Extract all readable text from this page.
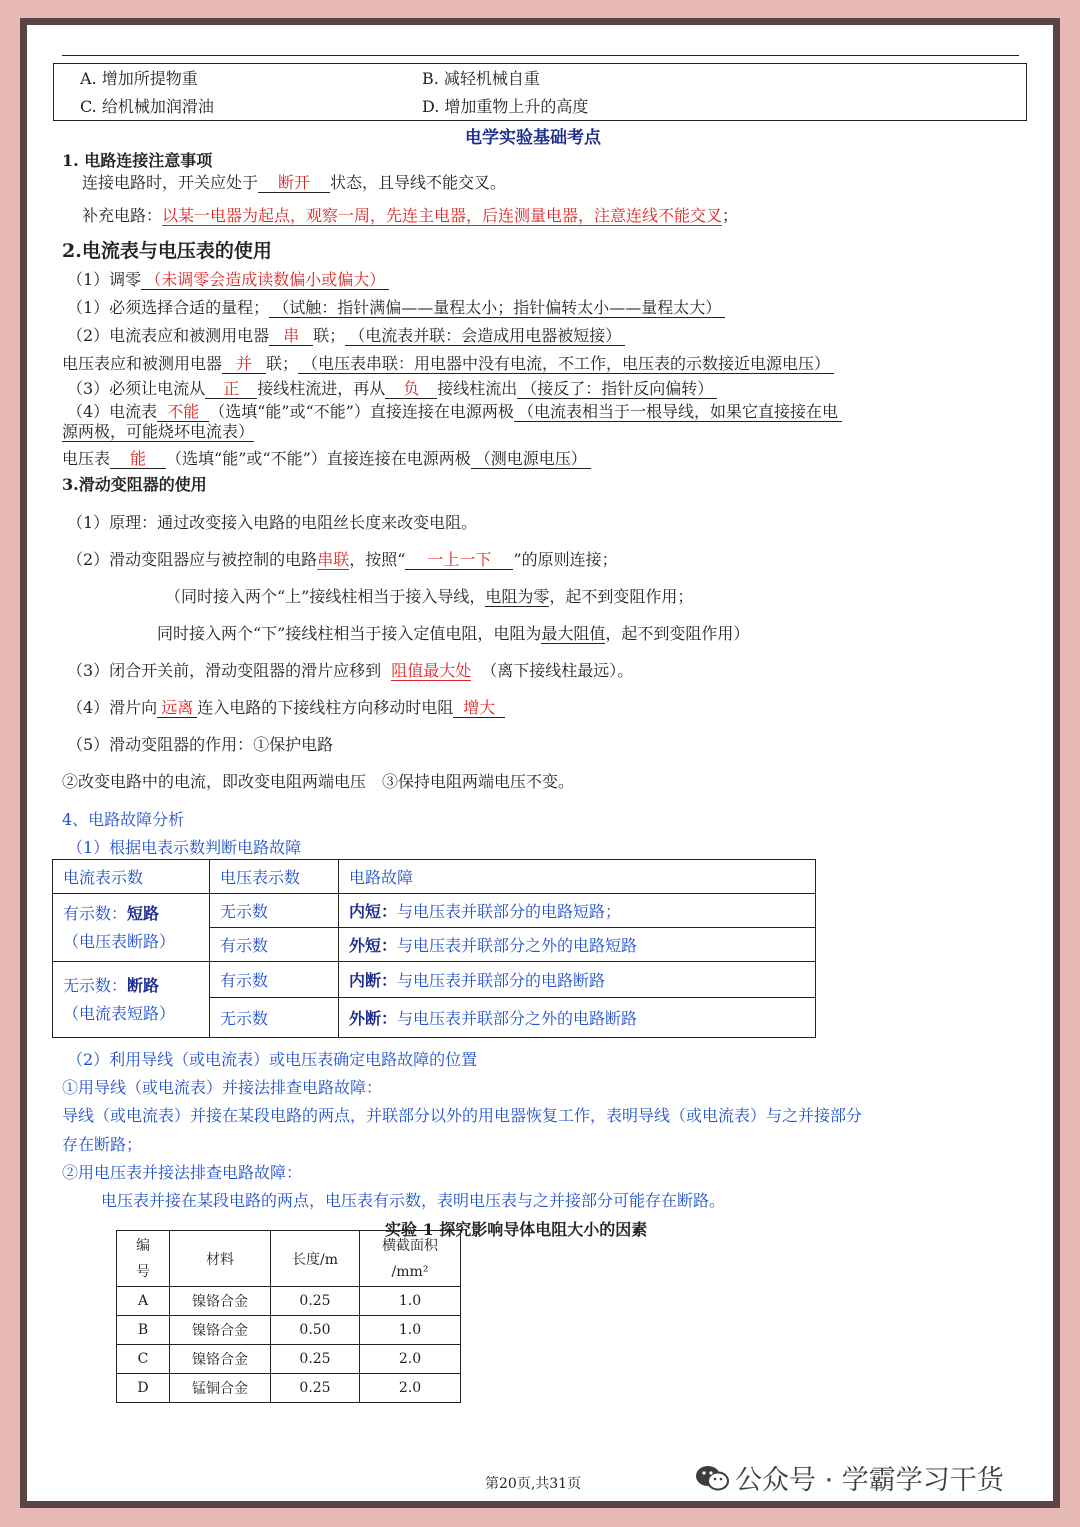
A. 增加所提物重	B. 减轻机械自重
C. 给机械加润滑油	D. 增加重物上升的高度
电学实验基础考点
1. 电路连接注意事项
连接电路时，开关应处于 断开 状态，且导线不能交叉。
补充电路：以某一电器为起点，观察一周，先连主电器，后连测量电器，注意连线不能交叉；
2.电流表与电压表的使用
（1）调零 （未调零会造成读数偏小或偏大）
（1）必须选择合适的量程； （试触：指针满偏——量程太小；指针偏转太小——量程太大）
（2）电流表应和被测用电器 串 联； （电流表并联：会造成用电器被短接）
电压表应和被测用电器 并 联； （电压表串联：用电器中没有电流，不工作，电压表的示数接近电源电压）
（3）必须让电流从 正 接线柱流进，再从 负 接线柱流出 （接反了：指针反向偏转）
（4）电流表 不能 （选填“能”或“不能”）直接连接在电源两极 （电流表相当于一根导线，如果它直接接在电
源两极，可能烧坏电流表）
电压表 能 （选填“能”或“不能”）直接连接在电源两极 （测电源电压）
3.滑动变阻器的使用
（1）原理：通过改变接入电路的电阻丝长度来改变电阻。
（2）滑动变阻器应与被控制的电路串联，按照“ 一上一下 ”的原则连接；
（同时接入两个“上”接线柱相当于接入导线，电阻为零，起不到变阻作用；
同时接入两个“下”接线柱相当于接入定值电阻，电阻为最大阻值，起不到变阻作用）
（3）闭合开关前，滑动变阻器的滑片应移到 阻值最大处 （离下接线柱最远）。
（4）滑片向 远离 连入电路的下接线柱方向移动时电阻 增大
（5）滑动变阻器的作用：①保护电路
②改变电路中的电流，即改变电阻两端电压　③保持电阻两端电压不变。
4、电路故障分析
（1）根据电表示数判断电路故障
电流表示数	电压表示数	电路故障
有示数：短路
（电压表断路）	无示数	内短：与电压表并联部分的电路短路；
	有示数	外短：与电压表并联部分之外的电路短路
无示数：断路
（电流表短路）	有示数	内断：与电压表并联部分的电路断路
	无示数	外断：与电压表并联部分之外的电路断路
（2）利用导线（或电流表）或电压表确定电路故障的位置
①用导线（或电流表）并接法排查电路故障：
导线（或电流表）并接在某段电路的两点，并联部分以外的用电器恢复工作，表明导线（或电流表）与之并接部分
存在断路；
②用电压表并接法排查电路故障：
电压表并接在某段电路的两点，电压表有示数，表明电压表与之并接部分可能存在断路。
实验 1 探究影响导体电阻大小的因素
编
号	材料	长度/m	横截面积
/mm²
A	镍铬合金	0.25	1.0
B	镍铬合金	0.50	1.0
C	镍铬合金	0.25	2.0
D	锰铜合金	0.25	2.0
第20页,共31页	公众号 · 学霸学习干货
